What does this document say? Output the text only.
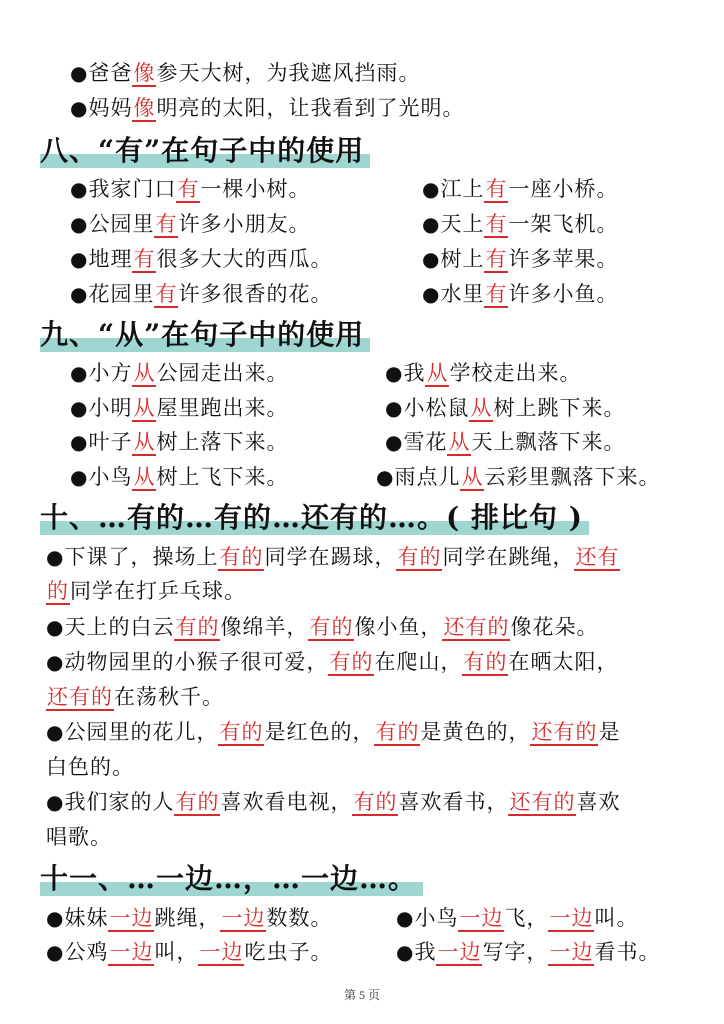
●爸爸像参天大树，为我遮风挡雨。
●妈妈像明亮的太阳，让我看到了光明。
八、“有”在句子中的使用
●我家门口有一棵小树。
●公园里有许多小朋友。
●地理有很多大大的西瓜。
●花园里有许多很香的花。
●江上有一座小桥。
●天上有一架飞机。
●树上有许多苹果。
●水里有许多小鱼。
九、“从”在句子中的使用
●小方从公园走出来。
●小明从屋里跑出来。
●叶子从树上落下来。
●小鸟从树上飞下来。
●我从学校走出来。
●小松鼠从树上跳下来。
●雪花从天上飘落下来。
●雨点儿从云彩里飘落下来。
十、…有的…有的…还有的…。( 排比句 )
●下课了，操场上有的同学在踢球，有的同学在跳绳，还有
的同学在打乒乓球。
●天上的白云有的像绵羊，有的像小鱼，还有的像花朵。
●动物园里的小猴子很可爱，有的在爬山，有的在晒太阳，
还有的在荡秋千。
●公园里的花儿，有的是红色的，有的是黄色的，还有的是
白色的。
●我们家的人有的喜欢看电视，有的喜欢看书，还有的喜欢
唱歌。
十一、…一边…，…一边…。
●妹妹一边跳绳，一边数数。
●公鸡一边叫，一边吃虫子。
●小鸟一边飞，一边叫。
●我一边写字，一边看书。
第 5 页
